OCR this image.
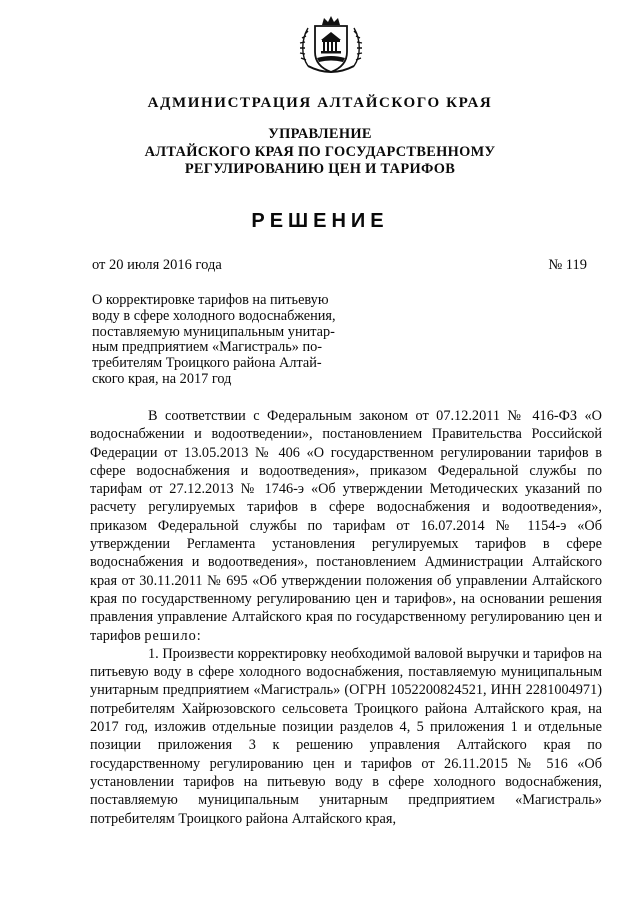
АДМИНИСТРАЦИЯ АЛТАЙСКОГО КРАЯ
УПРАВЛЕНИЕ
АЛТАЙСКОГО КРАЯ ПО ГОСУДАРСТВЕННОМУ
РЕГУЛИРОВАНИЮ ЦЕН И ТАРИФОВ
РЕШЕНИЕ
от 20 июля 2016 года	№ 119
О корректировке тарифов на питьевую
воду в сфере холодного водоснабжения,
поставляемую муниципальным унитар-
ным предприятием «Магистраль» по-
требителям Троицкого района Алтай-
ского края, на 2017 год

В соответствии с Федеральным законом от 07.12.2011 № 416-ФЗ «О водоснабжении и водоотведении», постановлением Правительства Российской Федерации от 13.05.2013 № 406 «О государственном регулировании тарифов в сфере водоснабжения и водоотведения», приказом Федеральной службы по тарифам от 27.12.2013 № 1746-э «Об утверждении Методических указаний по расчету регулируемых тарифов в сфере водоснабжения и водоотведения», приказом Федеральной службы по тарифам от 16.07.2014 № 1154-э «Об утверждении Регламента установления регулируемых тарифов в сфере водоснабжения и водоотведения», постановлением Администрации Алтайского края от 30.11.2011 № 695 «Об утверждении положения об управлении Алтайского края по государственному регулированию цен и тарифов», на основании решения правления управление Алтайского края по государственному регулированию цен и тарифов решило:

1. Произвести корректировку необходимой валовой выручки и тарифов на питьевую воду в сфере холодного водоснабжения, поставляемую муниципальным унитарным предприятием «Магистраль» (ОГРН 1052200824521, ИНН 2281004971) потребителям Хайрюзовского сельсовета Троицкого района Алтайского края, на 2017 год, изложив отдельные позиции разделов 4, 5 приложения 1 и отдельные позиции приложения 3 к решению управления Алтайского края по государственному регулированию цен и тарифов от 26.11.2015 № 516 «Об установлении тарифов на питьевую воду в сфере холодного водоснабжения, поставляемую муниципальным унитарным предприятием «Магистраль» потребителям Троицкого района Алтайского края,
